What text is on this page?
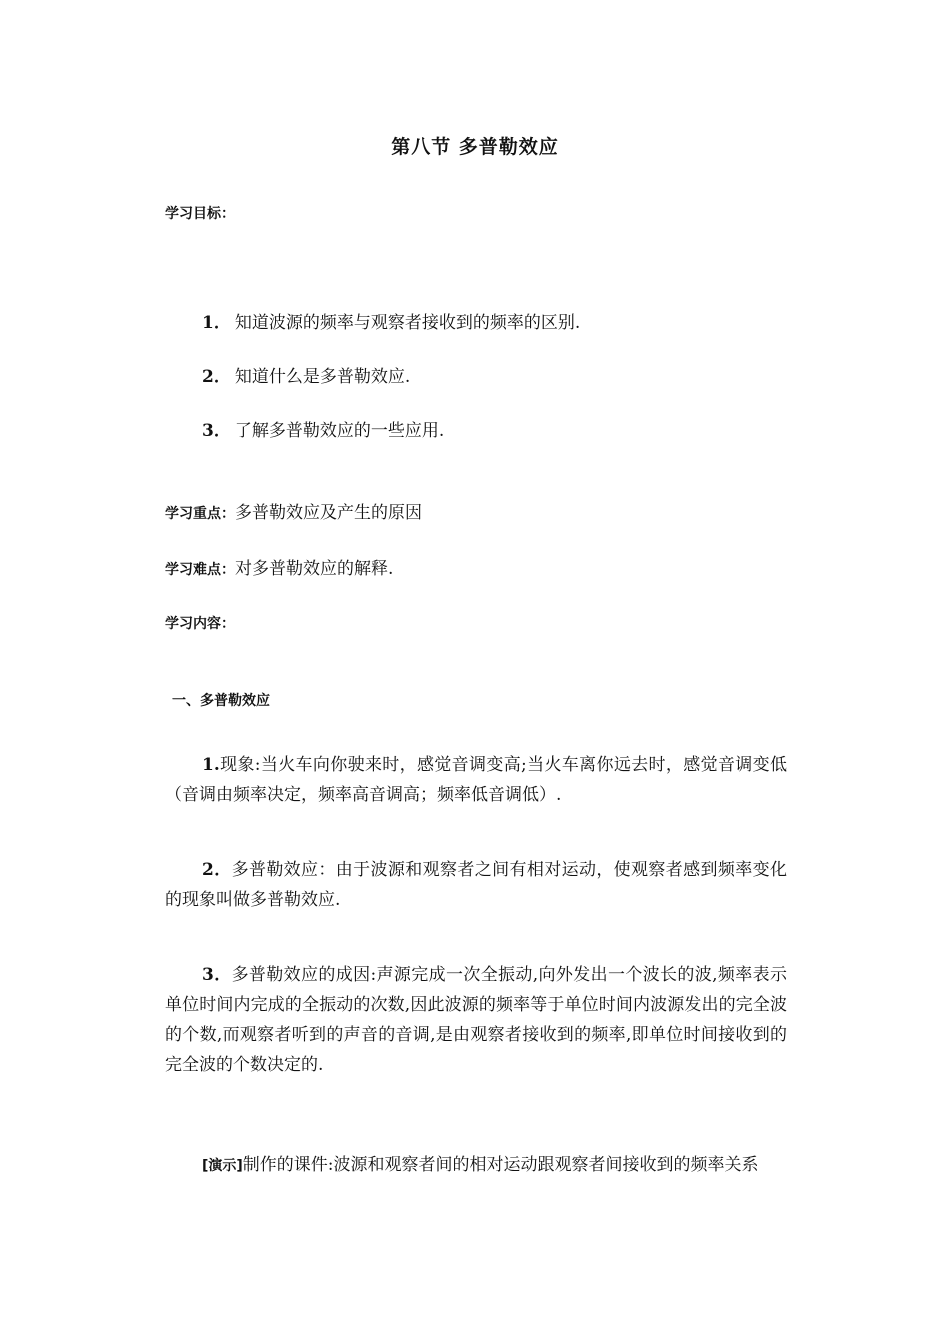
第八节 多普勒效应
学习目标：
1． 知道波源的频率与观察者接收到的频率的区别.
2． 知道什么是多普勒效应.
3． 了解多普勒效应的一些应用.
学习重点：多普勒效应及产生的原因
学习难点：对多普勒效应的解释.
学习内容：
一、多普勒效应
1.现象:当火车向你驶来时，感觉音调变高;当火车离你远去时，感觉音调变低（音调由频率决定，频率高音调高；频率低音调低）.
2．多普勒效应：由于波源和观察者之间有相对运动，使观察者感到频率变化的现象叫做多普勒效应.
3．多普勒效应的成因:声源完成一次全振动,向外发出一个波长的波,频率表示单位时间内完成的全振动的次数,因此波源的频率等于单位时间内波源发出的完全波的个数,而观察者听到的声音的音调,是由观察者接收到的频率,即单位时间接收到的完全波的个数决定的.
[演示]制作的课件:波源和观察者间的相对运动跟观察者间接收到的频率关系
